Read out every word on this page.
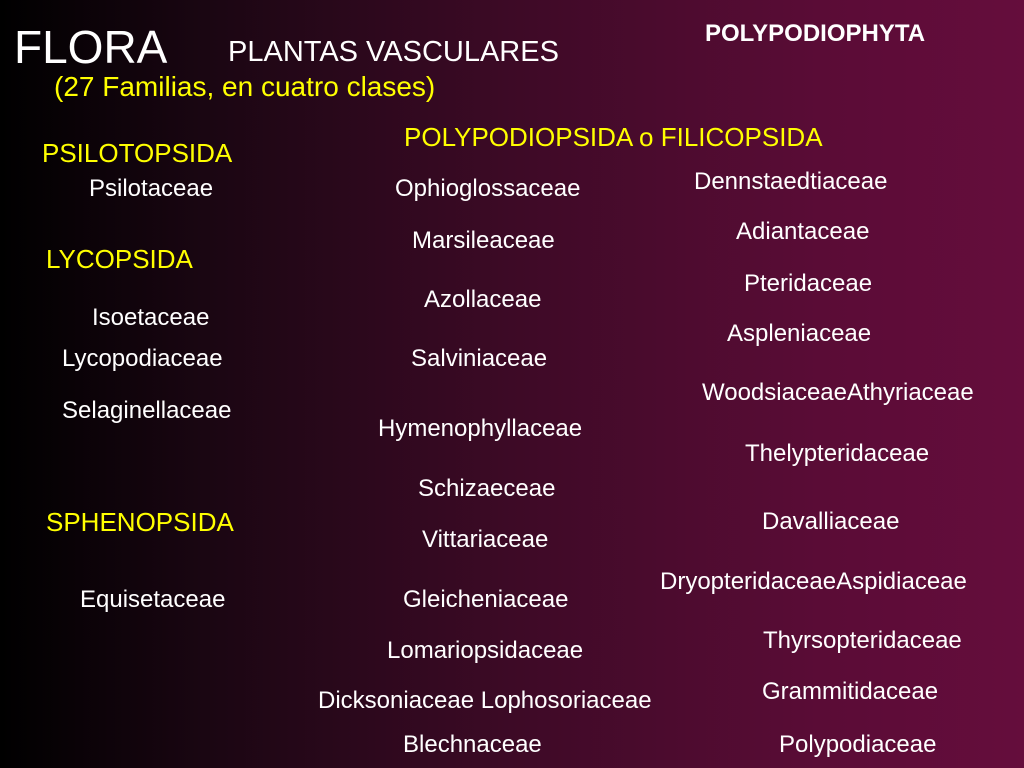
FLORA PLANTAS VASCULARES
(27 Familias, en cuatro clases)
POLYPODIOPHYTA
PSILOTOPSIDA
LYCOPSIDA
SPHENOPSIDA
POLYPODIOPSIDA o FILICOPSIDA
Psilotaceae
Isoetaceae
Lycopodiaceae
Selaginellaceae
Equisetaceae
Ophioglossaceae
Marsileaceae
Azollaceae
Salviniaceae
Hymenophyllaceae
Schizaeceae
Vittariaceae
Gleicheniaceae
Lomariopsidaceae
Dicksoniaceae Lophosoriaceae
Blechnaceae
Dennstaedtiaceae
Adiantaceae
Pteridaceae
Aspleniaceae
WoodsiaceaeAthyriaceae
Thelypteridaceae
Davalliaceae
DryopteridaceaeAspidiaceae
Thyrsopteridaceae
Grammitidaceae
Polypodiaceae
